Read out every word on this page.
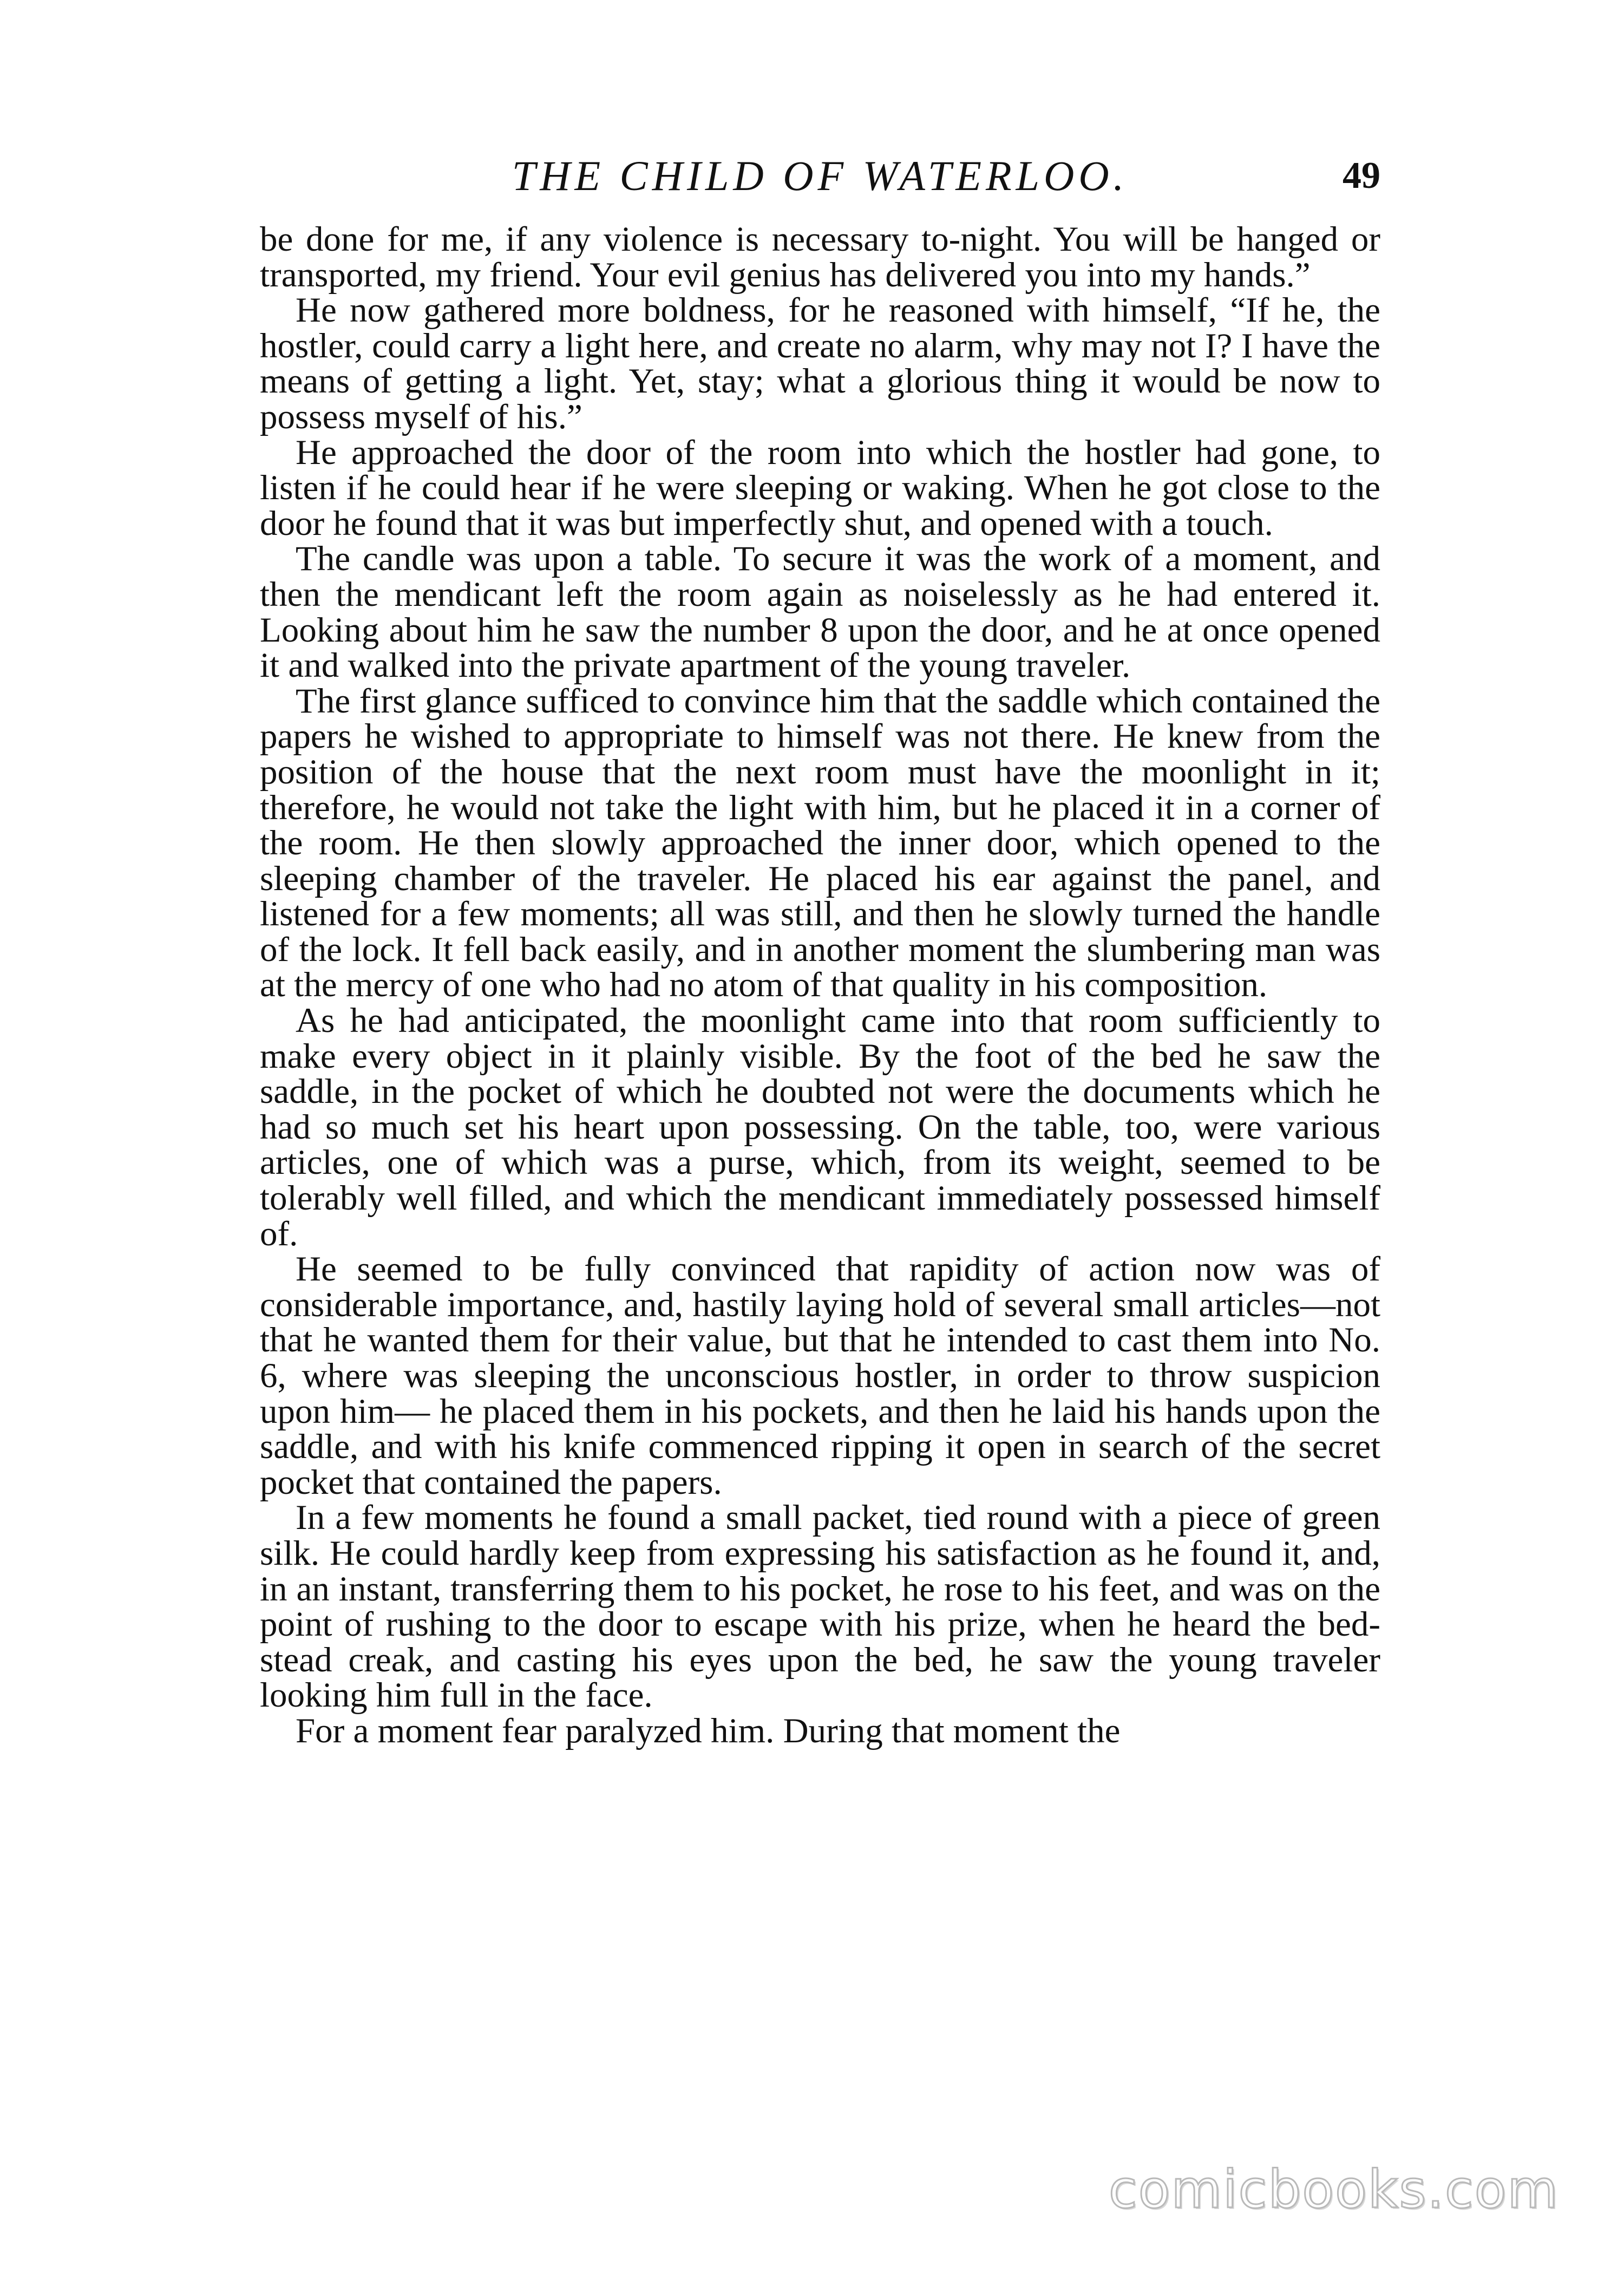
THE CHILD OF WATERLOO.	49

be done for me, if any violence is necessary to-night. You will be hanged or transported, my friend. Your evil genius has delivered you into my hands.”

He now gathered more boldness, for he reasoned with himself, “If he, the hostler, could carry a light here, and create no alarm, why may not I? I have the means of getting a light. Yet, stay; what a glorious thing it would be now to possess myself of his.”

He approached the door of the room into which the hostler had gone, to listen if he could hear if he were sleeping or waking. When he got close to the door he found that it was but imperfectly shut, and opened with a touch.

The candle was upon a table. To secure it was the work of a moment, and then the mendicant left the room again as noiselessly as he had entered it. Looking about him he saw the number 8 upon the door, and he at once opened it and walked into the private apartment of the young traveler.

The first glance sufficed to convince him that the saddle which contained the papers he wished to appropriate to himself was not there. He knew from the position of the house that the next room must have the moonlight in it; therefore, he would not take the light with him, but he placed it in a corner of the room. He then slowly approached the inner door, which opened to the sleeping chamber of the traveler. He placed his ear against the panel, and listened for a few moments; all was still, and then he slowly turned the handle of the lock. It fell back easily, and in another moment the slumbering man was at the mercy of one who had no atom of that quality in his composition.

As he had anticipated, the moonlight came into that room sufficiently to make every object in it plainly visible. By the foot of the bed he saw the saddle, in the pocket of which he doubted not were the documents which he had so much set his heart upon possessing. On the table, too, were various articles, one of which was a purse, which, from its weight, seemed to be tolerably well filled, and which the mendicant immediately possessed himself of.

He seemed to be fully convinced that rapidity of action now was of considerable importance, and, hastily laying hold of several small articles—not that he wanted them for their value, but that he intended to cast them into No. 6, where was sleeping the unconscious hostler, in order to throw suspicion upon him— he placed them in his pockets, and then he laid his hands upon the saddle, and with his knife commenced ripping it open in search of the secret pocket that contained the papers.

In a few moments he found a small packet, tied round with a piece of green silk. He could hardly keep from expressing his satisfaction as he found it, and, in an instant, transferring them to his pocket, he rose to his feet, and was on the point of rushing to the door to escape with his prize, when he heard the bedstead creak, and casting his eyes upon the bed, he saw the young traveler looking him full in the face.

For a moment fear paralyzed him. During that moment the

comicbooks.com
